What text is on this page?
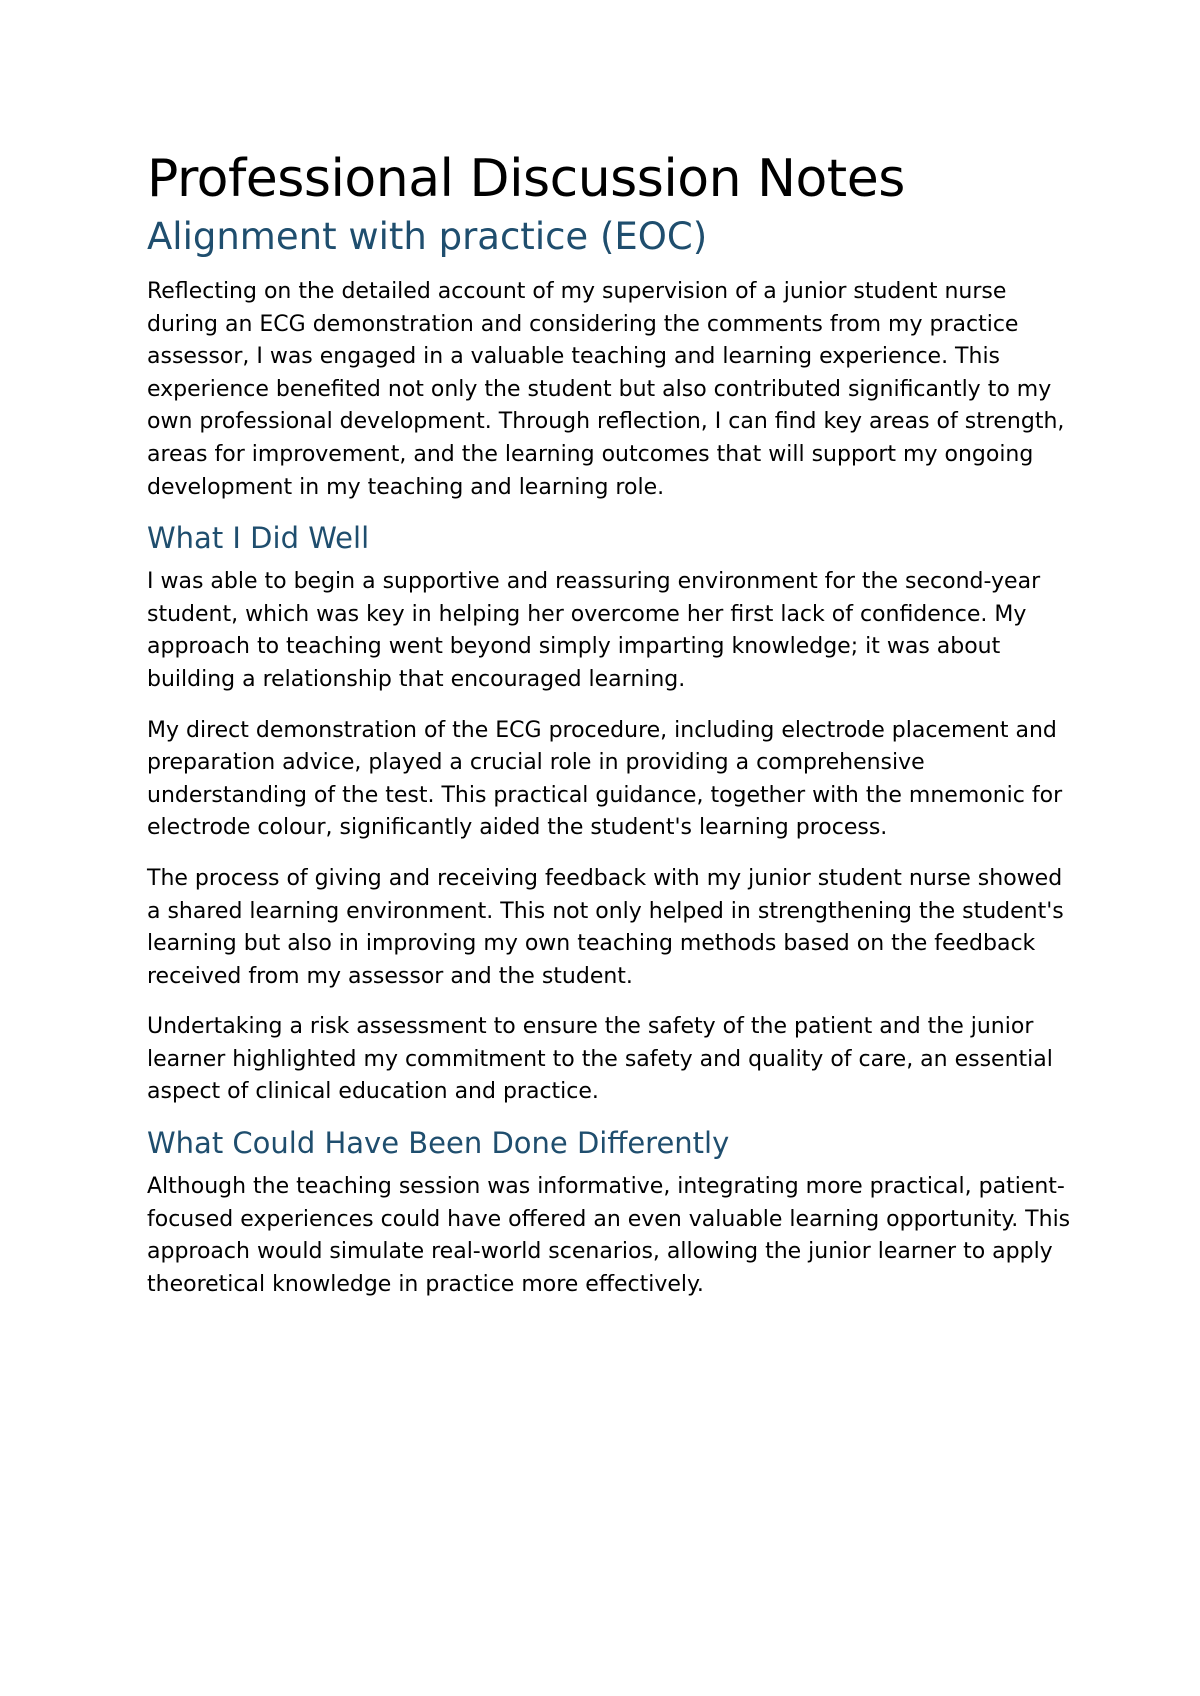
Professional Discussion Notes
Alignment with practice (EOC)

Reflecting on the detailed account of my supervision of a junior student nurse during an ECG demonstration and considering the comments from my practice assessor, I was engaged in a valuable teaching and learning experience. This experience benefited not only the student but also contributed significantly to my own professional development. Through reflection, I can find key areas of strength, areas for improvement, and the learning outcomes that will support my ongoing development in my teaching and learning role.

What I Did Well

I was able to begin a supportive and reassuring environment for the second-year student, which was key in helping her overcome her first lack of confidence. My approach to teaching went beyond simply imparting knowledge; it was about building a relationship that encouraged learning.

My direct demonstration of the ECG procedure, including electrode placement and preparation advice, played a crucial role in providing a comprehensive understanding of the test. This practical guidance, together with the mnemonic for electrode colour, significantly aided the student's learning process.

The process of giving and receiving feedback with my junior student nurse showed a shared learning environment. This not only helped in strengthening the student's learning but also in improving my own teaching methods based on the feedback received from my assessor and the student.

Undertaking a risk assessment to ensure the safety of the patient and the junior learner highlighted my commitment to the safety and quality of care, an essential aspect of clinical education and practice.

What Could Have Been Done Differently

Although the teaching session was informative, integrating more practical, patient-focused experiences could have offered an even valuable learning opportunity. This approach would simulate real-world scenarios, allowing the junior learner to apply theoretical knowledge in practice more effectively.
